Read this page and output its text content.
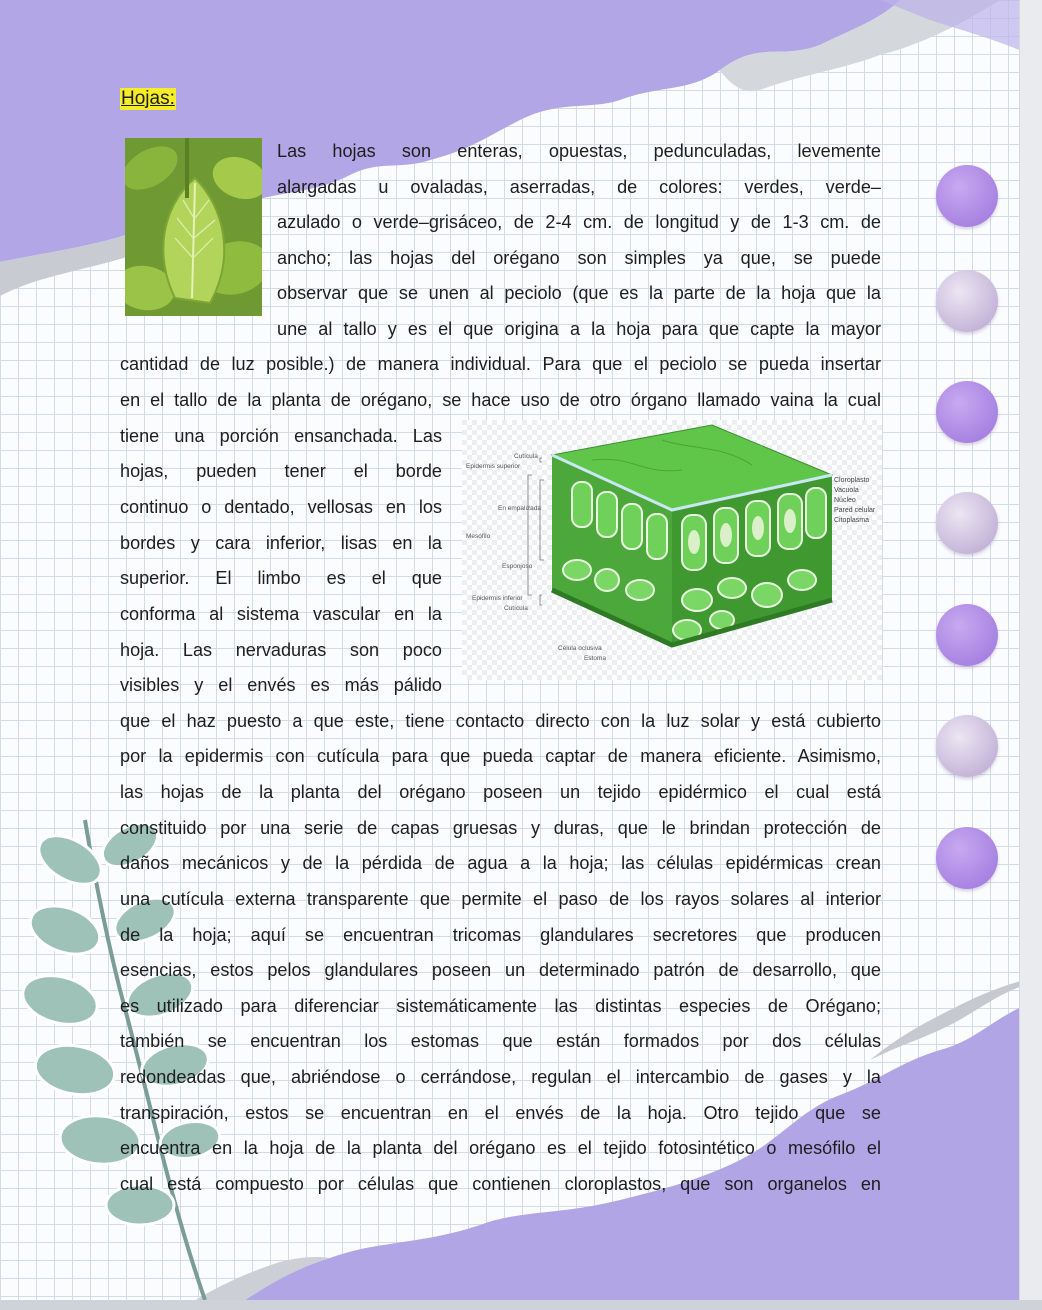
Hojas:
Cutícula
Epidermis superior
En empalizada
Mesófilo
Esponjoso
Epidermis inferior
Cutícula
Célula oclusiva
Estoma
Cloroplasto
Vacuola
Núcleo
Pared celular
Citoplasma
Las hojas son enteras, opuestas, pedunculadas, levemente
alargadas u ovaladas, aserradas, de colores: verdes, verde–
azulado o verde–grisáceo, de 2-4 cm. de longitud y de 1-3 cm. de
ancho; las hojas del orégano son simples ya que, se puede
observar que se unen al peciolo (que es la parte de la hoja que la
une al tallo y es el que origina a la hoja para que capte la mayor
cantidad de luz posible.) de manera individual. Para que el peciolo se pueda insertar
en el tallo de la planta de orégano, se hace uso de otro órgano llamado vaina la cual
tiene una porción ensanchada. Las
hojas, pueden tener el borde
continuo o dentado, vellosas en los
bordes y cara inferior, lisas en la
superior. El limbo es el que
conforma al sistema vascular en la
hoja. Las nervaduras son poco
visibles y el envés es más pálido
que el haz puesto a que este, tiene contacto directo con la luz solar y está cubierto
por la epidermis con cutícula para que pueda captar de manera eficiente. Asimismo,
las hojas de la planta del orégano poseen un tejido epidérmico el cual está
constituido por una serie de capas gruesas y duras, que le brindan protección de
daños mecánicos y de la pérdida de agua a la hoja; las células epidérmicas crean
una cutícula externa transparente que permite el paso de los rayos solares al interior
de la hoja; aquí se encuentran tricomas glandulares secretores que producen
esencias, estos pelos glandulares poseen un determinado patrón de desarrollo, que
es utilizado para diferenciar sistemáticamente las distintas especies de Orégano;
también se encuentran los estomas que están formados por dos células
redondeadas que, abriéndose o cerrándose, regulan el intercambio de gases y la
transpiración, estos se encuentran en el envés de la hoja. Otro tejido que se
encuentra en la hoja de la planta del orégano es el tejido fotosintético o mesófilo el
cual está compuesto por células que contienen cloroplastos, que son organelos en
